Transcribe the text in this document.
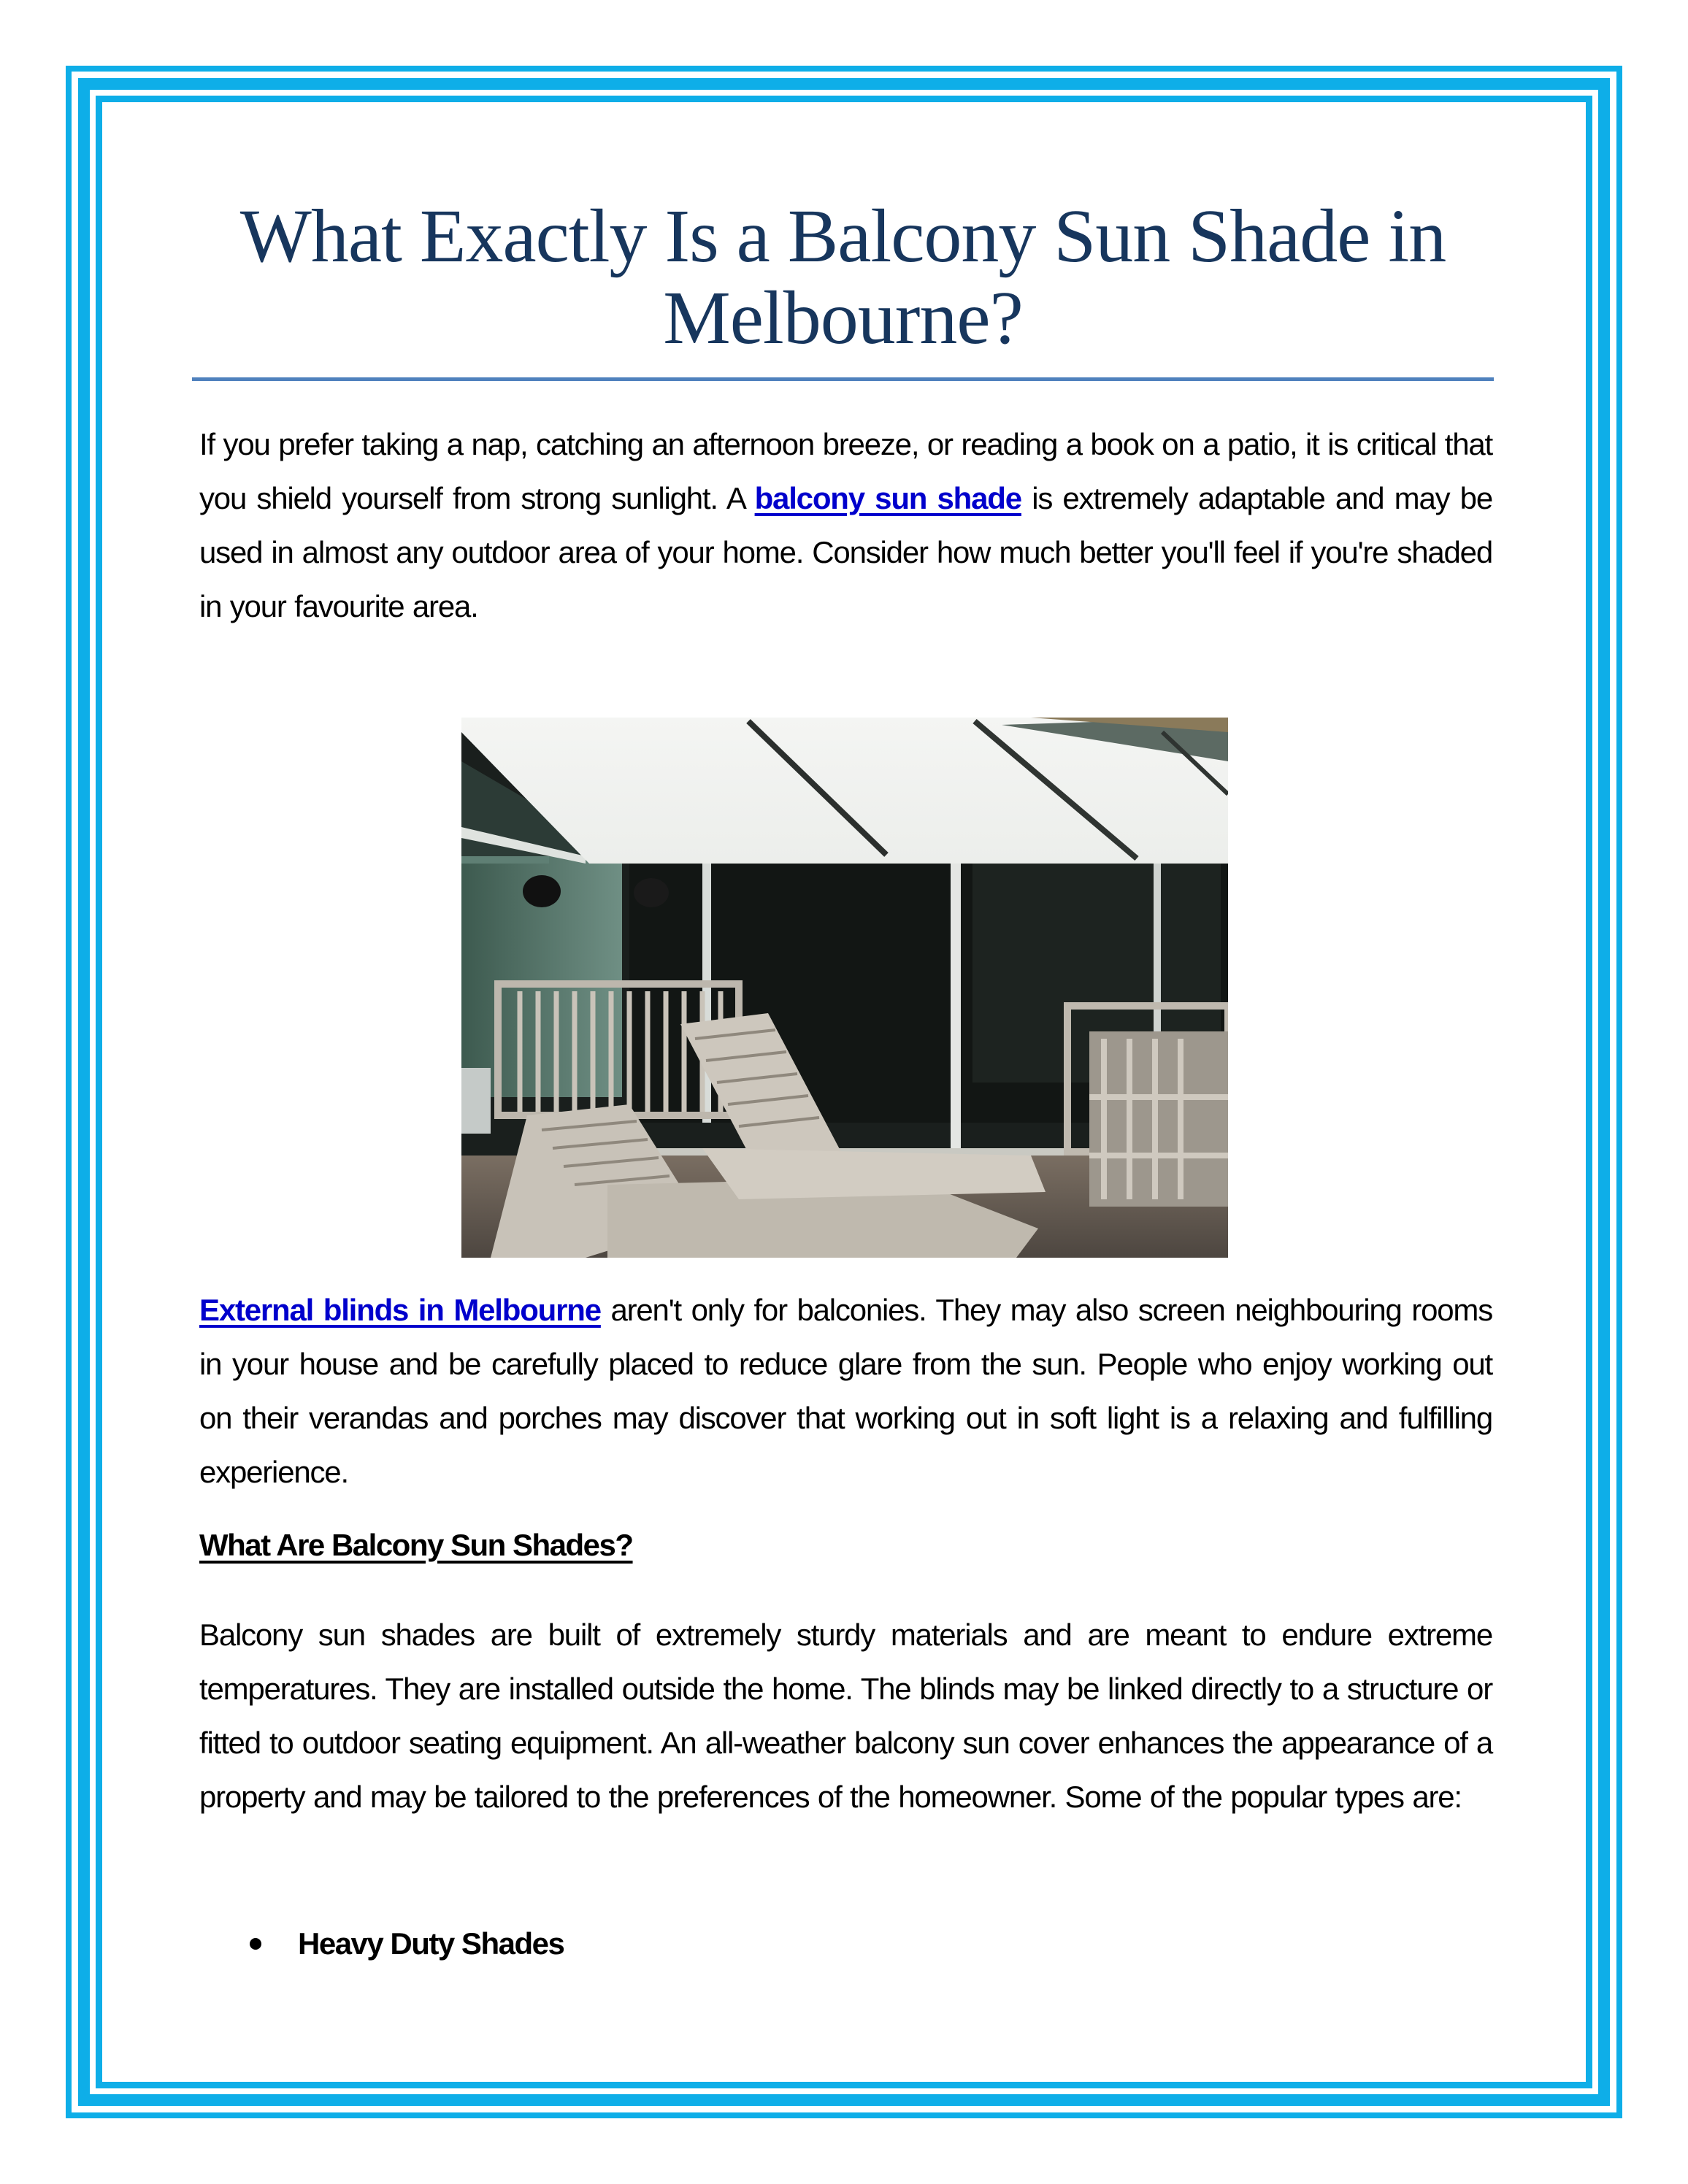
What Exactly Is a Balcony Sun Shade in
Melbourne?

If you prefer taking a nap, catching an afternoon breeze, or reading a book on a patio, it is critical that you shield yourself from strong sunlight. A balcony sun shade is extremely adaptable and may be used in almost any outdoor area of your home. Consider how much better you'll feel if you're shaded in your favourite area.

External blinds in Melbourne aren't only for balconies. They may also screen neighbouring rooms in your house and be carefully placed to reduce glare from the sun. People who enjoy working out on their verandas and porches may discover that working out in soft light is a relaxing and fulfilling experience.

What Are Balcony Sun Shades?

Balcony sun shades are built of extremely sturdy materials and are meant to endure extreme temperatures. They are installed outside the home. The blinds may be linked directly to a structure or fitted to outdoor seating equipment. An all-weather balcony sun cover enhances the appearance of a property and may be tailored to the preferences of the homeowner. Some of the popular types are:

Heavy Duty Shades
